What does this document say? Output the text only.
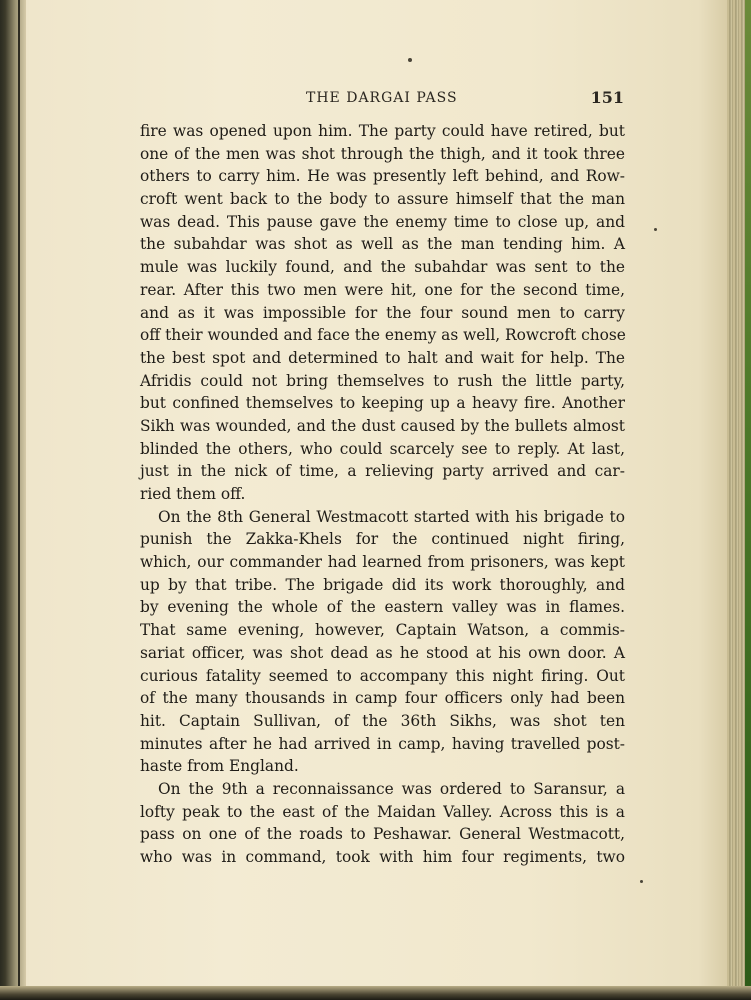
THE DARGAI PASS	151
fire was opened upon him. The party could have retired, but
one of the men was shot through the thigh, and it took three
others to carry him. He was presently left behind, and Row-
croft went back to the body to assure himself that the man
was dead. This pause gave the enemy time to close up, and
the subahdar was shot as well as the man tending him. A
mule was luckily found, and the subahdar was sent to the
rear. After this two men were hit, one for the second time,
and as it was impossible for the four sound men to carry
off their wounded and face the enemy as well, Rowcroft chose
the best spot and determined to halt and wait for help. The
Afridis could not bring themselves to rush the little party,
but confined themselves to keeping up a heavy fire. Another
Sikh was wounded, and the dust caused by the bullets almost
blinded the others, who could scarcely see to reply. At last,
just in the nick of time, a relieving party arrived and car-
ried them off.
On the 8th General Westmacott started with his brigade to
punish the Zakka-Khels for the continued night firing,
which, our commander had learned from prisoners, was kept
up by that tribe. The brigade did its work thoroughly, and
by evening the whole of the eastern valley was in flames.
That same evening, however, Captain Watson, a commis-
sariat officer, was shot dead as he stood at his own door. A
curious fatality seemed to accompany this night firing. Out
of the many thousands in camp four officers only had been
hit. Captain Sullivan, of the 36th Sikhs, was shot ten
minutes after he had arrived in camp, having travelled post-
haste from England.
On the 9th a reconnaissance was ordered to Saransur, a
lofty peak to the east of the Maidan Valley. Across this is a
pass on one of the roads to Peshawar. General Westmacott,
who was in command, took with him four regiments, two
